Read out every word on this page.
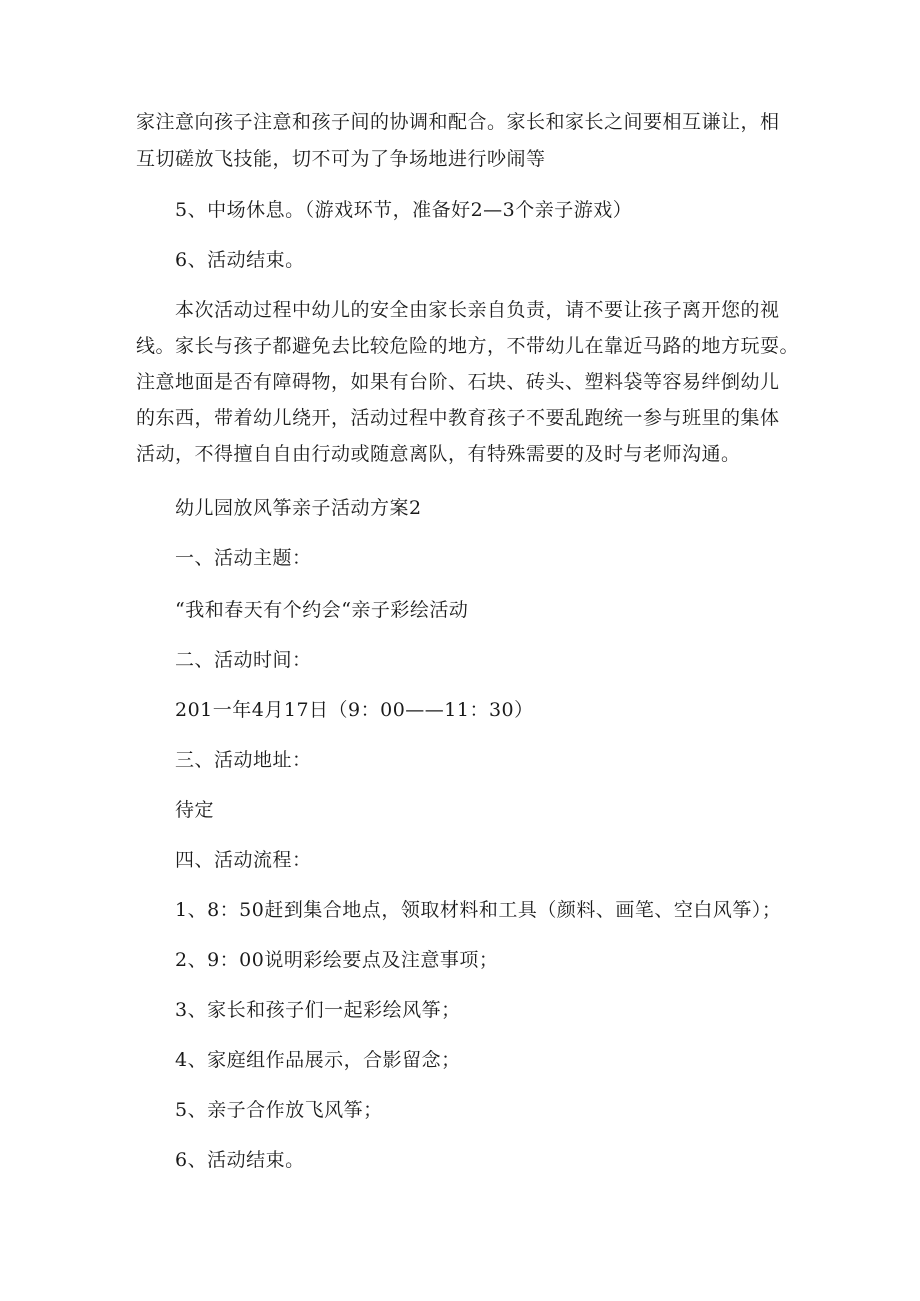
家注意向孩子注意和孩子间的协调和配合。家长和家长之间要相互谦让，相
互切磋放飞技能，切不可为了争场地进行吵闹等
5、中场休息。（游戏环节，准备好2—3个亲子游戏）
6、活动结束。
本次活动过程中幼儿的安全由家长亲自负责，请不要让孩子离开您的视
线。家长与孩子都避免去比较危险的地方，不带幼儿在靠近马路的地方玩耍。
注意地面是否有障碍物，如果有台阶、石块、砖头、塑料袋等容易绊倒幼儿
的东西，带着幼儿绕开，活动过程中教育孩子不要乱跑统一参与班里的集体
活动，不得擅自自由行动或随意离队，有特殊需要的及时与老师沟通。
幼儿园放风筝亲子活动方案2
一、活动主题：
“我和春天有个约会“亲子彩绘活动
二、活动时间：
201一年4月17日（9：00——11：30）
三、活动地址：
待定
四、活动流程：
1、8：50赶到集合地点，领取材料和工具（颜料、画笔、空白风筝）；
2、9：00说明彩绘要点及注意事项；
3、家长和孩子们一起彩绘风筝；
4、家庭组作品展示，合影留念；
5、亲子合作放飞风筝；
6、活动结束。
